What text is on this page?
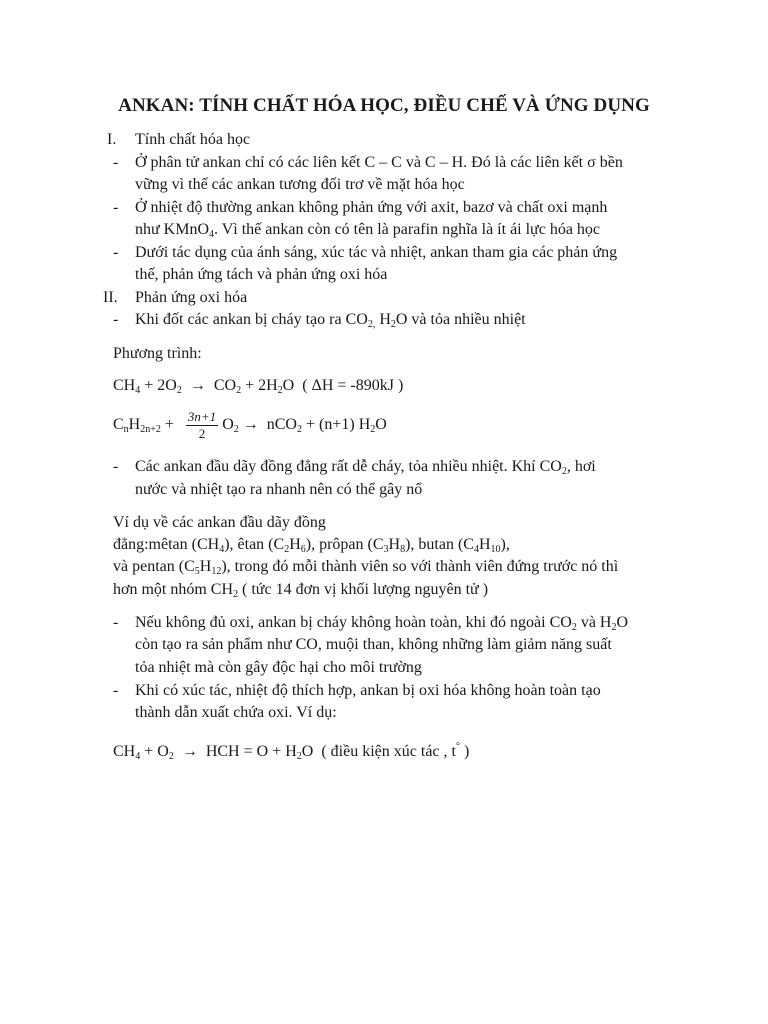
ANKAN: TÍNH CHẤT HÓA HỌC, ĐIỀU CHẾ VÀ ỨNG DỤNG
I. Tính chất hóa học
- Ở phân tử ankan chỉ có các liên kết C – C và C – H. Đó là các liên kết σ bền
vững vì thế các ankan tương đối trơ về mặt hóa học
- Ở nhiệt độ thường ankan không phản ứng với axit, bazơ và chất oxi mạnh
như KMnO$_4$. Vì thế ankan còn có tên là parafin nghĩa là ít ái lực hóa học
- Dưới tác dụng của ánh sáng, xúc tác và nhiệt, ankan tham gia các phản ứng
thế, phản ứng tách và phản ứng oxi hóa
II. Phản ứng oxi hóa
- Khi đốt các ankan bị cháy tạo ra $CO_{2,}$ $H_2O$ và tỏa nhiều nhiệt
Phương trình:
$CH_4 + 2O_2 \to CO_2 + 2H_2O$ ( ΔH = -890kJ )
$C_nH_{2n+2} + \frac{3n+1}{2} O_2 \to nCO_2 + (n+1)$ $H_2O$
- Các ankan đầu dãy đồng đẳng rất dễ cháy, tỏa nhiều nhiệt. Khí $CO_2$, hơi
nước và nhiệt tạo ra nhanh nên có thể gây nổ
Ví dụ về các ankan đầu dãy đồng
đẳng:mêtan $(CH_4)$, êtan $(C_2H_6)$, prôpan $(C_3H_8)$, butan $(C_4H_{10})$,
và pentan $(C_5H_{12})$, trong đó mỗi thành viên so với thành viên đứng trước nó thì
hơn một nhóm $CH_2$ ( tức 14 đơn vị khối lượng nguyên tử )
- Nếu không đủ oxi, ankan bị cháy không hoàn toàn, khi đó ngoài $CO_2$ và $H_2O$
còn tạo ra sản phẩm như CO, muội than, không những làm giảm năng suất
tỏa nhiệt mà còn gây độc hại cho môi trường
- Khi có xúc tác, nhiệt độ thích hợp, ankan bị oxi hóa không hoàn toàn tạo
thành dẫn xuất chứa oxi. Ví dụ:
$CH_4 + O_2$ → HCH = $O + H_2O$ ( điều kiện xúc tác , t° )
